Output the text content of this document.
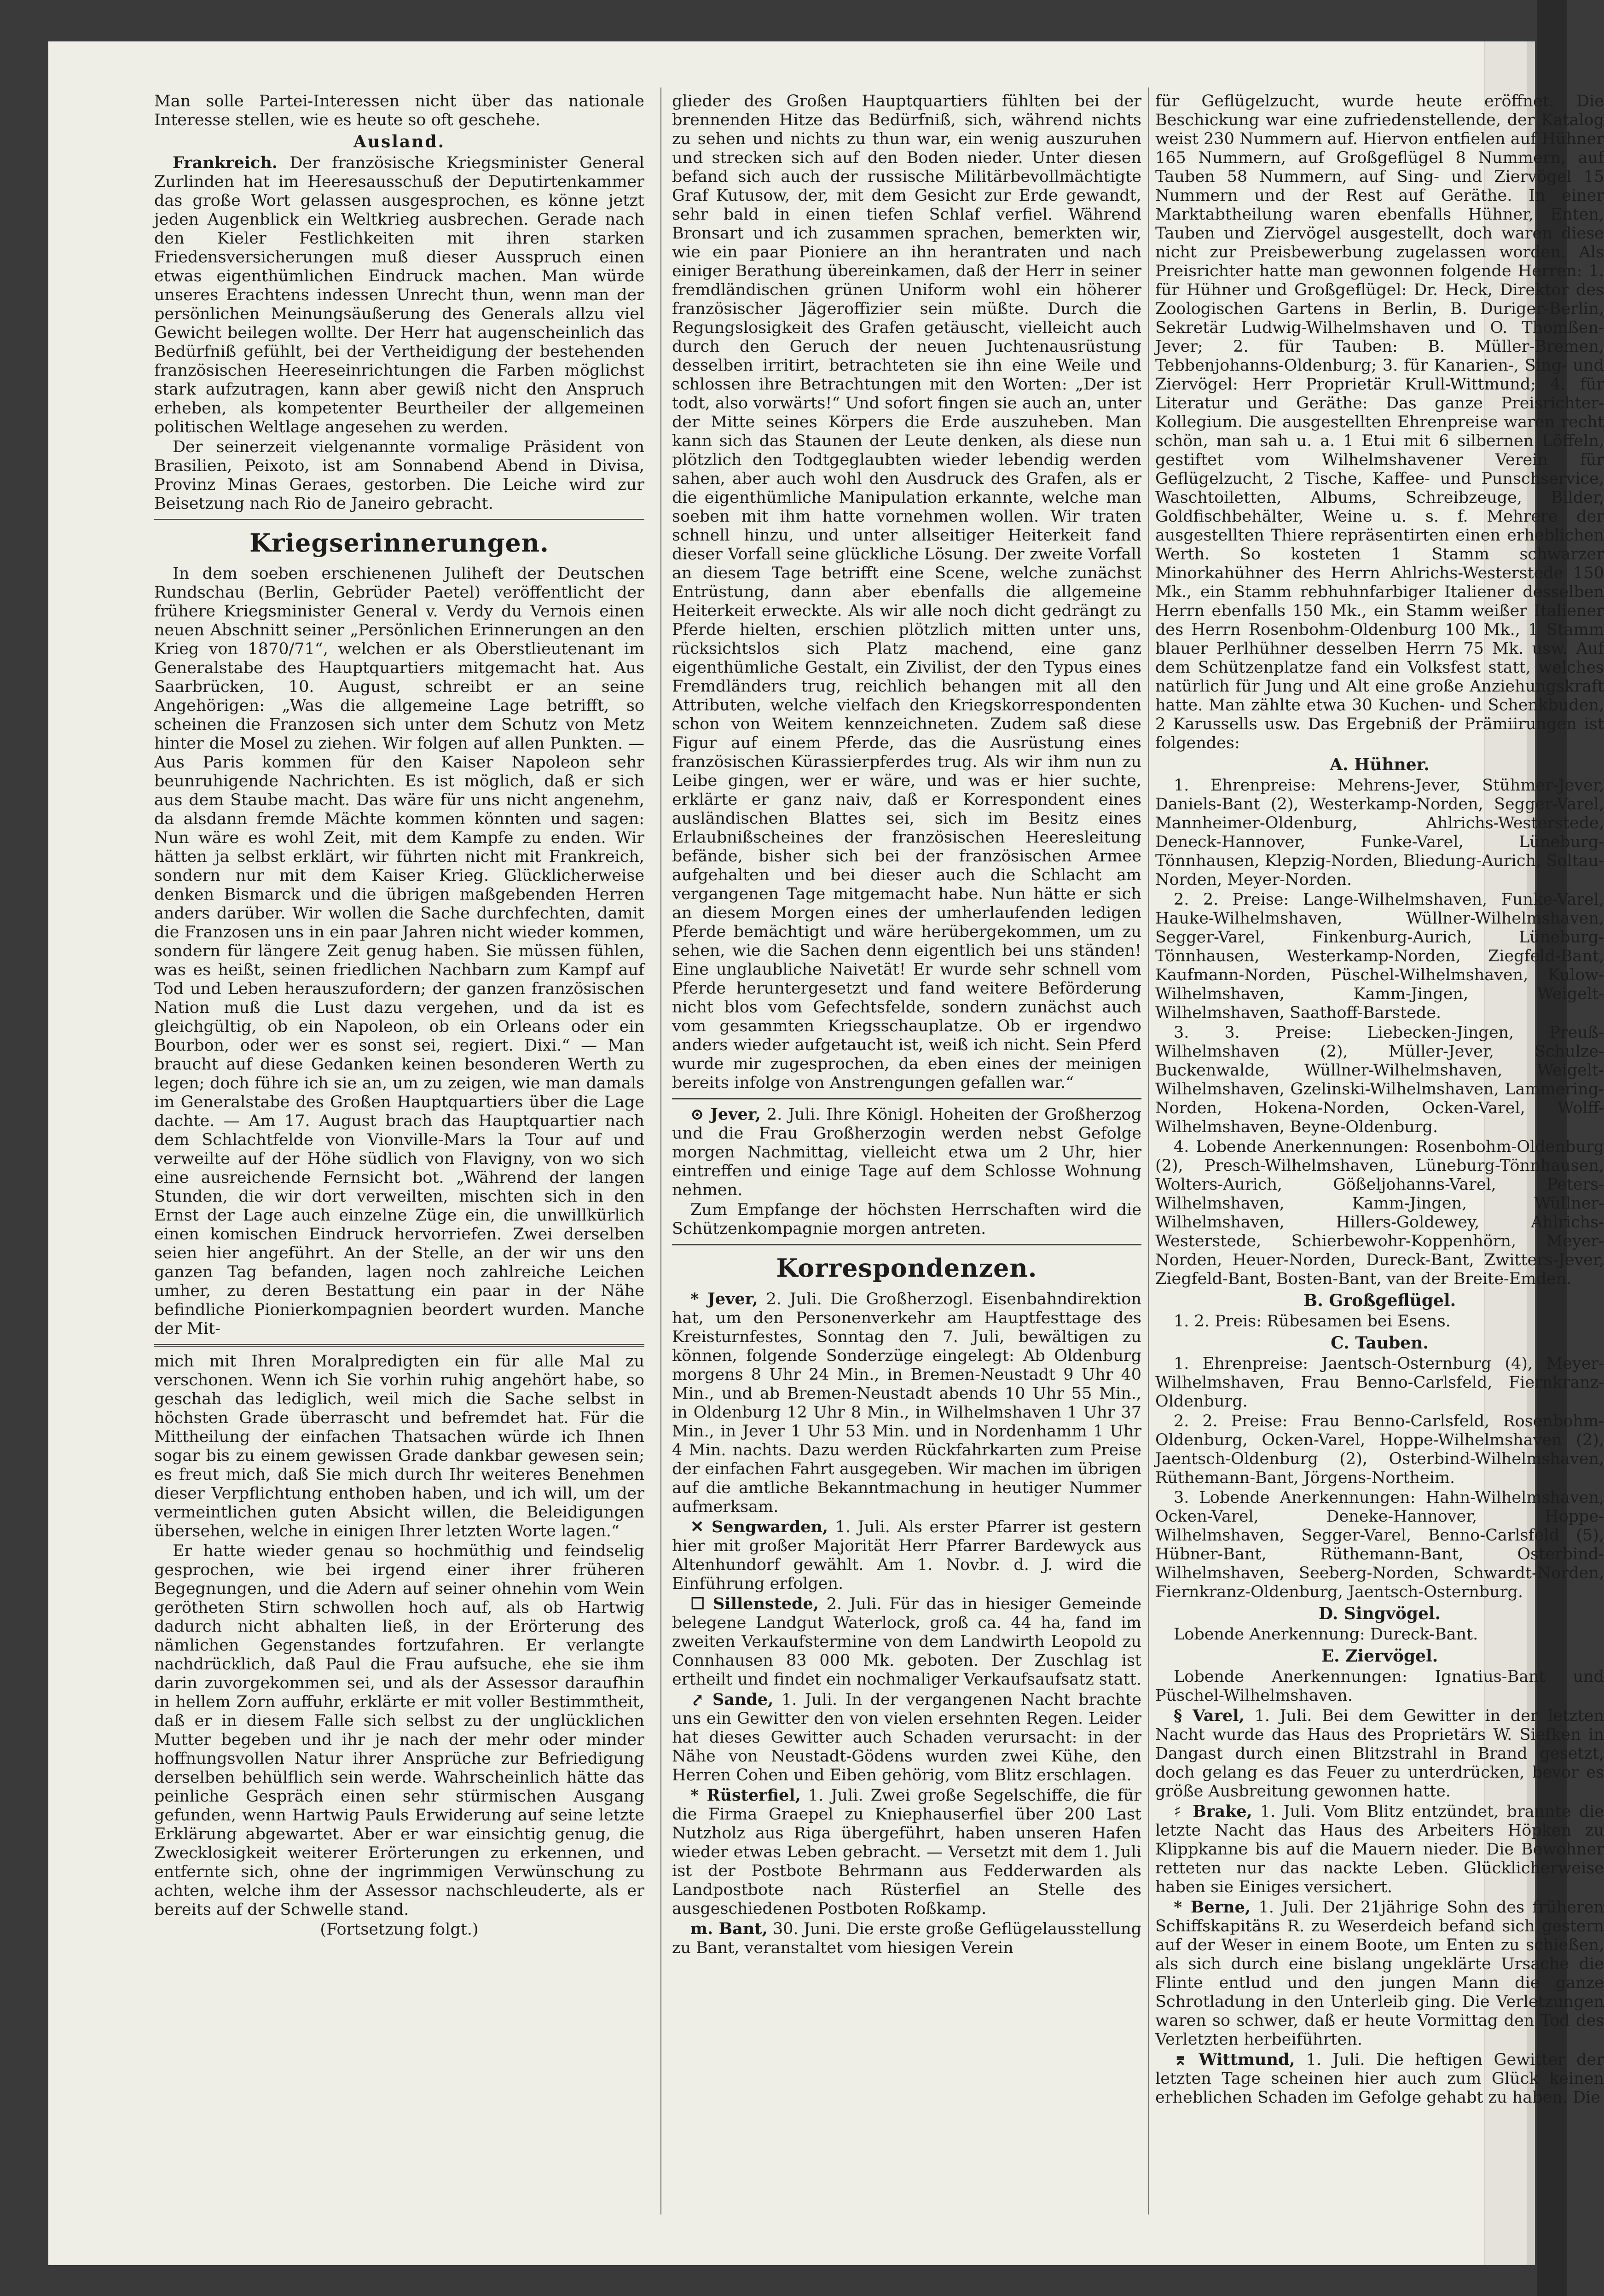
Man solle Partei-Interessen nicht über das nationale Interesse stellen, wie es heute so oft geschehe.

Ausland.

Frankreich. Der französische Kriegsminister General Zurlinden hat im Heeresausschuß der Deputirtenkammer das große Wort gelassen ausgesprochen, es könne jetzt jeden Augenblick ein Weltkrieg ausbrechen. Gerade nach den Kieler Festlichkeiten mit ihren starken Friedensversicherungen muß dieser Ausspruch einen etwas eigenthümlichen Eindruck machen. Man würde unseres Erachtens indessen Unrecht thun, wenn man der persönlichen Meinungsäußerung des Generals allzu viel Gewicht beilegen wollte. Der Herr hat augenscheinlich das Bedürfniß gefühlt, bei der Vertheidigung der bestehenden französischen Heereseinrichtungen die Farben möglichst stark aufzutragen, kann aber gewiß nicht den Anspruch erheben, als kompetenter Beurtheiler der allgemeinen politischen Weltlage angesehen zu werden.

Der seinerzeit vielgenannte vormalige Präsident von Brasilien, Peixoto, ist am Sonnabend Abend in Divisa, Provinz Minas Geraes, gestorben. Die Leiche wird zur Beisetzung nach Rio de Janeiro gebracht.

Kriegserinnerungen.

In dem soeben erschienenen Juliheft der Deutschen Rundschau (Berlin, Gebrüder Paetel) veröffentlicht der frühere Kriegsminister General v. Verdy du Vernois einen neuen Abschnitt seiner „Persönlichen Erinnerungen an den Krieg von 1870/71“, welchen er als Oberstlieutenant im Generalstabe des Hauptquartiers mitgemacht hat. Aus Saarbrücken, 10. August, schreibt er an seine Angehörigen: „Was die allgemeine Lage betrifft, so scheinen die Franzosen sich unter dem Schutz von Metz hinter die Mosel zu ziehen. Wir folgen auf allen Punkten. — Aus Paris kommen für den Kaiser Napoleon sehr beunruhigende Nachrichten. Es ist möglich, daß er sich aus dem Staube macht. Das wäre für uns nicht angenehm, da alsdann fremde Mächte kommen könnten und sagen: Nun wäre es wohl Zeit, mit dem Kampfe zu enden. Wir hätten ja selbst erklärt, wir führten nicht mit Frankreich, sondern nur mit dem Kaiser Krieg. Glücklicherweise denken Bismarck und die übrigen maßgebenden Herren anders darüber. Wir wollen die Sache durchfechten, damit die Franzosen uns in ein paar Jahren nicht wieder kommen, sondern für längere Zeit genug haben. Sie müssen fühlen, was es heißt, seinen friedlichen Nachbarn zum Kampf auf Tod und Leben herauszufordern; der ganzen französischen Nation muß die Lust dazu vergehen, und da ist es gleichgültig, ob ein Napoleon, ob ein Orleans oder ein Bourbon, oder wer es sonst sei, regiert. Dixi.“ — Man braucht auf diese Gedanken keinen besonderen Werth zu legen; doch führe ich sie an, um zu zeigen, wie man damals im Generalstabe des Großen Hauptquartiers über die Lage dachte. — Am 17. August brach das Hauptquartier nach dem Schlachtfelde von Vionville-Mars la Tour auf und verweilte auf der Höhe südlich von Flavigny, von wo sich eine ausreichende Fernsicht bot. „Während der langen Stunden, die wir dort verweilten, mischten sich in den Ernst der Lage auch einzelne Züge ein, die unwillkürlich einen komischen Eindruck hervorriefen. Zwei derselben seien hier angeführt. An der Stelle, an der wir uns den ganzen Tag befanden, lagen noch zahlreiche Leichen umher, zu deren Bestattung ein paar in der Nähe befindliche Pionierkompagnien beordert wurden. Manche der Mit-

mich mit Ihren Moralpredigten ein für alle Mal zu verschonen. Wenn ich Sie vorhin ruhig angehört habe, so geschah das lediglich, weil mich die Sache selbst in höchsten Grade überrascht und befremdet hat. Für die Mittheilung der einfachen Thatsachen würde ich Ihnen sogar bis zu einem gewissen Grade dankbar gewesen sein; es freut mich, daß Sie mich durch Ihr weiteres Benehmen dieser Verpflichtung enthoben haben, und ich will, um der vermeintlichen guten Absicht willen, die Beleidigungen übersehen, welche in einigen Ihrer letzten Worte lagen.“

Er hatte wieder genau so hochmüthig und feindselig gesprochen, wie bei irgend einer ihrer früheren Begegnungen, und die Adern auf seiner ohnehin vom Wein gerötheten Stirn schwollen hoch auf, als ob Hartwig dadurch nicht abhalten ließ, in der Erörterung des nämlichen Gegenstandes fortzufahren. Er verlangte nachdrücklich, daß Paul die Frau aufsuche, ehe sie ihm darin zuvorgekommen sei, und als der Assessor daraufhin in hellem Zorn auffuhr, erklärte er mit voller Bestimmtheit, daß er in diesem Falle sich selbst zu der unglücklichen Mutter begeben und ihr je nach der mehr oder minder hoffnungsvollen Natur ihrer Ansprüche zur Befriedigung derselben behülflich sein werde. Wahrscheinlich hätte das peinliche Gespräch einen sehr stürmischen Ausgang gefunden, wenn Hartwig Pauls Erwiderung auf seine letzte Erklärung abgewartet. Aber er war einsichtig genug, die Zwecklosigkeit weiterer Erörterungen zu erkennen, und entfernte sich, ohne der ingrimmigen Verwünschung zu achten, welche ihm der Assessor nachschleuderte, als er bereits auf der Schwelle stand.

(Fortsetzung folgt.)

glieder des Großen Hauptquartiers fühlten bei der brennenden Hitze das Bedürfniß, sich, während nichts zu sehen und nichts zu thun war, ein wenig auszuruhen und strecken sich auf den Boden nieder. Unter diesen befand sich auch der russische Militärbevollmächtigte Graf Kutusow, der, mit dem Gesicht zur Erde gewandt, sehr bald in einen tiefen Schlaf verfiel. Während Bronsart und ich zusammen sprachen, bemerkten wir, wie ein paar Pioniere an ihn herantraten und nach einiger Berathung übereinkamen, daß der Herr in seiner fremdländischen grünen Uniform wohl ein höherer französischer Jägeroffizier sein müßte. Durch die Regungslosigkeit des Grafen getäuscht, vielleicht auch durch den Geruch der neuen Juchtenausrüstung desselben irritirt, betrachteten sie ihn eine Weile und schlossen ihre Betrachtungen mit den Worten: „Der ist todt, also vorwärts!“ Und sofort fingen sie auch an, unter der Mitte seines Körpers die Erde auszuheben. Man kann sich das Staunen der Leute denken, als diese nun plötzlich den Todtgeglaubten wieder lebendig werden sahen, aber auch wohl den Ausdruck des Grafen, als er die eigenthümliche Manipulation erkannte, welche man soeben mit ihm hatte vornehmen wollen. Wir traten schnell hinzu, und unter allseitiger Heiterkeit fand dieser Vorfall seine glückliche Lösung. Der zweite Vorfall an diesem Tage betrifft eine Scene, welche zunächst Entrüstung, dann aber ebenfalls die allgemeine Heiterkeit erweckte. Als wir alle noch dicht gedrängt zu Pferde hielten, erschien plötzlich mitten unter uns, rücksichtslos sich Platz machend, eine ganz eigenthümliche Gestalt, ein Zivilist, der den Typus eines Fremdländers trug, reichlich behangen mit all den Attributen, welche vielfach den Kriegskorrespondenten schon von Weitem kennzeichneten. Zudem saß diese Figur auf einem Pferde, das die Ausrüstung eines französischen Kürassierpferdes trug. Als wir ihm nun zu Leibe gingen, wer er wäre, und was er hier suchte, erklärte er ganz naiv, daß er Korrespondent eines ausländischen Blattes sei, sich im Besitz eines Erlaubnißscheines der französischen Heeresleitung befände, bisher sich bei der französischen Armee aufgehalten und bei dieser auch die Schlacht am vergangenen Tage mitgemacht habe. Nun hätte er sich an diesem Morgen eines der umherlaufenden ledigen Pferde bemächtigt und wäre herübergekommen, um zu sehen, wie die Sachen denn eigentlich bei uns ständen! Eine unglaubliche Naivetät! Er wurde sehr schnell vom Pferde heruntergesetzt und fand weitere Beförderung nicht blos vom Gefechtsfelde, sondern zunächst auch vom gesammten Kriegsschauplatze. Ob er irgendwo anders wieder aufgetaucht ist, weiß ich nicht. Sein Pferd wurde mir zugesprochen, da eben eines der meinigen bereits infolge von Anstrengungen gefallen war.“

⊙ Jever, 2. Juli. Ihre Königl. Hoheiten der Großherzog und die Frau Großherzogin werden nebst Gefolge morgen Nachmittag, vielleicht etwa um 2 Uhr, hier eintreffen und einige Tage auf dem Schlosse Wohnung nehmen.

Zum Empfange der höchsten Herrschaften wird die Schützenkompagnie morgen antreten.

Korrespondenzen.

* Jever, 2. Juli. Die Großherzogl. Eisenbahndirektion hat, um den Personenverkehr am Hauptfesttage des Kreisturnfestes, Sonntag den 7. Juli, bewältigen zu können, folgende Sonderzüge eingelegt: Ab Oldenburg morgens 8 Uhr 24 Min., in Bremen-Neustadt 9 Uhr 40 Min., und ab Bremen-Neustadt abends 10 Uhr 55 Min., in Oldenburg 12 Uhr 8 Min., in Wilhelmshaven 1 Uhr 37 Min., in Jever 1 Uhr 53 Min. und in Nordenhamm 1 Uhr 4 Min. nachts. Dazu werden Rückfahrkarten zum Preise der einfachen Fahrt ausgegeben. Wir machen im übrigen auf die amtliche Bekanntmachung in heutiger Nummer aufmerksam.

✕ Sengwarden, 1. Juli. Als erster Pfarrer ist gestern hier mit großer Majorität Herr Pfarrer Bardewyck aus Altenhundorf gewählt. Am 1. Novbr. d. J. wird die Einführung erfolgen.

☐ Sillenstede, 2. Juli. Für das in hiesiger Gemeinde belegene Landgut Waterlock, groß ca. 44 ha, fand im zweiten Verkaufstermine von dem Landwirth Leopold zu Connhausen 83 000 Mk. geboten. Der Zuschlag ist ertheilt und findet ein nochmaliger Verkaufsaufsatz statt.

⤤ Sande, 1. Juli. In der vergangenen Nacht brachte uns ein Gewitter den von vielen ersehnten Regen. Leider hat dieses Gewitter auch Schaden verursacht: in der Nähe von Neustadt-Gödens wurden zwei Kühe, den Herren Cohen und Eiben gehörig, vom Blitz erschlagen.

* Rüsterfiel, 1. Juli. Zwei große Segelschiffe, die für die Firma Graepel zu Kniephauserfiel über 200 Last Nutzholz aus Riga übergeführt, haben unseren Hafen wieder etwas Leben gebracht. — Versetzt mit dem 1. Juli ist der Postbote Behrmann aus Fedderwarden als Landpostbote nach Rüsterfiel an Stelle des ausgeschiedenen Postboten Roßkamp.

m. Bant, 30. Juni. Die erste große Geflügelausstellung zu Bant, veranstaltet vom hiesigen Verein

für Geflügelzucht, wurde heute eröffnet. Die Beschickung war eine zufriedenstellende, der Katalog weist 230 Nummern auf. Hiervon entfielen auf Hühner 165 Nummern, auf Großgeflügel 8 Nummern, auf Tauben 58 Nummern, auf Sing- und Ziervögel 15 Nummern und der Rest auf Geräthe. In einer Marktabtheilung waren ebenfalls Hühner, Enten, Tauben und Ziervögel ausgestellt, doch waren diese nicht zur Preisbewerbung zugelassen worden. Als Preisrichter hatte man gewonnen folgende Herren: 1. für Hühner und Großgeflügel: Dr. Heck, Direktor des Zoologischen Gartens in Berlin, B. Duriger-Berlin, Sekretär Ludwig-Wilhelmshaven und O. Thomßen-Jever; 2. für Tauben: B. Müller-Bremen, Tebbenjohanns-Oldenburg; 3. für Kanarien-, Sing- und Ziervögel: Herr Proprietär Krull-Wittmund; 4. für Literatur und Geräthe: Das ganze Preisrichter-Kollegium. Die ausgestellten Ehrenpreise waren recht schön, man sah u. a. 1 Etui mit 6 silbernen Löffeln, gestiftet vom Wilhelmshavener Verein für Geflügelzucht, 2 Tische, Kaffee- und Punschservice, Waschtoiletten, Albums, Schreibzeuge, Bilder, Goldfischbehälter, Weine u. s. f. Mehrere der ausgestellten Thiere repräsentirten einen erheblichen Werth. So kosteten 1 Stamm schwarzer Minorkahühner des Herrn Ahlrichs-Westerstede 150 Mk., ein Stamm rebhuhnfarbiger Italiener desselben Herrn ebenfalls 150 Mk., ein Stamm weißer Italiener des Herrn Rosenbohm-Oldenburg 100 Mk., 1 Stamm blauer Perlhühner desselben Herrn 75 Mk. usw. Auf dem Schützenplatze fand ein Volksfest statt, welches natürlich für Jung und Alt eine große Anziehungskraft hatte. Man zählte etwa 30 Kuchen- und Schenkbuden, 2 Karussells usw. Das Ergebniß der Prämiirungen ist folgendes:

A. Hühner.

1. Ehrenpreise: Mehrens-Jever, Stühmer-Jever, Daniels-Bant (2), Westerkamp-Norden, Segger-Varel, Mannheimer-Oldenburg, Ahlrichs-Westerstede, Deneck-Hannover, Funke-Varel, Lüneburg-Tönnhausen, Klepzig-Norden, Bliedung-Aurich, Soltau-Norden, Meyer-Norden.

2. 2. Preise: Lange-Wilhelmshaven, Funke-Varel, Hauke-Wilhelmshaven, Wüllner-Wilhelmshaven, Segger-Varel, Finkenburg-Aurich, Lüneburg-Tönnhausen, Westerkamp-Norden, Ziegfeld-Bant, Kaufmann-Norden, Püschel-Wilhelmshaven, Kulow-Wilhelmshaven, Kamm-Jingen, Weigelt-Wilhelmshaven, Saathoff-Barstede.

3. 3. Preise: Liebecken-Jingen, Preuß-Wilhelmshaven (2), Müller-Jever, Schulze-Buckenwalde, Wüllner-Wilhelmshaven, Weigelt-Wilhelmshaven, Gzelinski-Wilhelmshaven, Lammering-Norden, Hokena-Norden, Ocken-Varel, Wolff-Wilhelmshaven, Beyne-Oldenburg.

4. Lobende Anerkennungen: Rosenbohm-Oldenburg (2), Presch-Wilhelmshaven, Lüneburg-Tönnhausen, Wolters-Aurich, Gößeljohanns-Varel, Peters-Wilhelmshaven, Kamm-Jingen, Wüllner-Wilhelmshaven, Hillers-Goldewey, Ahlrichs-Westerstede, Schierbewohr-Koppenhörn, Meyer-Norden, Heuer-Norden, Dureck-Bant, Zwitters-Jever, Ziegfeld-Bant, Bosten-Bant, van der Breite-Emden.

B. Großgeflügel.

1. 2. Preis: Rübesamen bei Esens.

C. Tauben.

1. Ehrenpreise: Jaentsch-Osternburg (4), Meyer-Wilhelmshaven, Frau Benno-Carlsfeld, Fiernkranz-Oldenburg.

2. 2. Preise: Frau Benno-Carlsfeld, Rosenbohm-Oldenburg, Ocken-Varel, Hoppe-Wilhelmshaven (2), Jaentsch-Oldenburg (2), Osterbind-Wilhelmshaven, Rüthemann-Bant, Jörgens-Northeim.

3. Lobende Anerkennungen: Hahn-Wilhelmshaven, Ocken-Varel, Deneke-Hannover, Hoppe-Wilhelmshaven, Segger-Varel, Benno-Carlsfeld (5), Hübner-Bant, Rüthemann-Bant, Osterbind-Wilhelmshaven, Seeberg-Norden, Schwardt-Norden, Fiernkranz-Oldenburg, Jaentsch-Osternburg.

D. Singvögel.

Lobende Anerkennung: Dureck-Bant.

E. Ziervögel.

Lobende Anerkennungen: Ignatius-Bant und Püschel-Wilhelmshaven.

§ Varel, 1. Juli. Bei dem Gewitter in der letzten Nacht wurde das Haus des Proprietärs W. Siefken in Dangast durch einen Blitzstrahl in Brand gesetzt, doch gelang es das Feuer zu unterdrücken, bevor es größe Ausbreitung gewonnen hatte.

♯ Brake, 1. Juli. Vom Blitz entzündet, brannte die letzte Nacht das Haus des Arbeiters Höpken zu Klippkanne bis auf die Mauern nieder. Die Bewohner retteten nur das nackte Leben. Glücklicherweise haben sie Einiges versichert.

* Berne, 1. Juli. Der 21jährige Sohn des früheren Schiffskapitäns R. zu Weserdeich befand sich gestern auf der Weser in einem Boote, um Enten zu schießen, als sich durch eine bislang ungeklärte Ursache die Flinte entlud und den jungen Mann die ganze Schrotladung in den Unterleib ging. Die Verletzungen waren so schwer, daß er heute Vormittag den Tod des Verletzten herbeiführten.

⌆ Wittmund, 1. Juli. Die heftigen Gewitter der letzten Tage scheinen hier auch zum Glück keinen erheblichen Schaden im Gefolge gehabt zu haben. Die
